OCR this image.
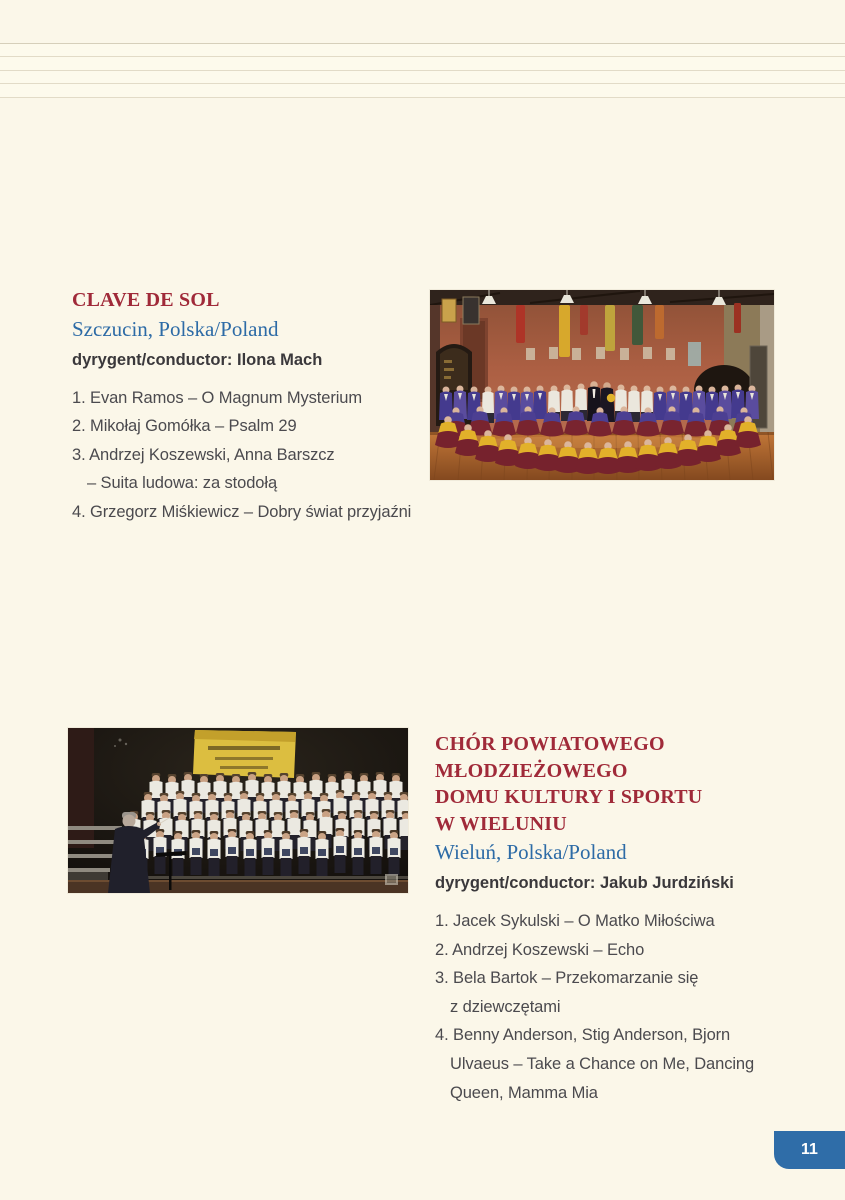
CLAVE DE SOL
Szczucin, Polska/Poland
dyrygent/conductor: Ilona Mach
1. Evan Ramos – O Magnum Mysterium
2. Mikołaj Gomółka – Psalm 29
3. Andrzej Koszewski, Anna Barszcz
– Suita ludowa: za stodołą
4. Grzegorz Miśkiewicz – Dobry świat przyjaźni
CHÓR POWIATOWEGO
MŁODZIEŻOWEGO
DOMU KULTURY I SPORTU
W WIELUNIU
Wieluń, Polska/Poland
dyrygent/conductor: Jakub Jurdziński
1. Jacek Sykulski – O Matko Miłościwa
2. Andrzej Koszewski – Echo
3. Bela Bartok – Przekomarzanie się
z dziewczętami
4. Benny Anderson, Stig Anderson, Bjorn
Ulvaeus – Take a Chance on Me, Dancing
Queen, Mamma Mia
11
